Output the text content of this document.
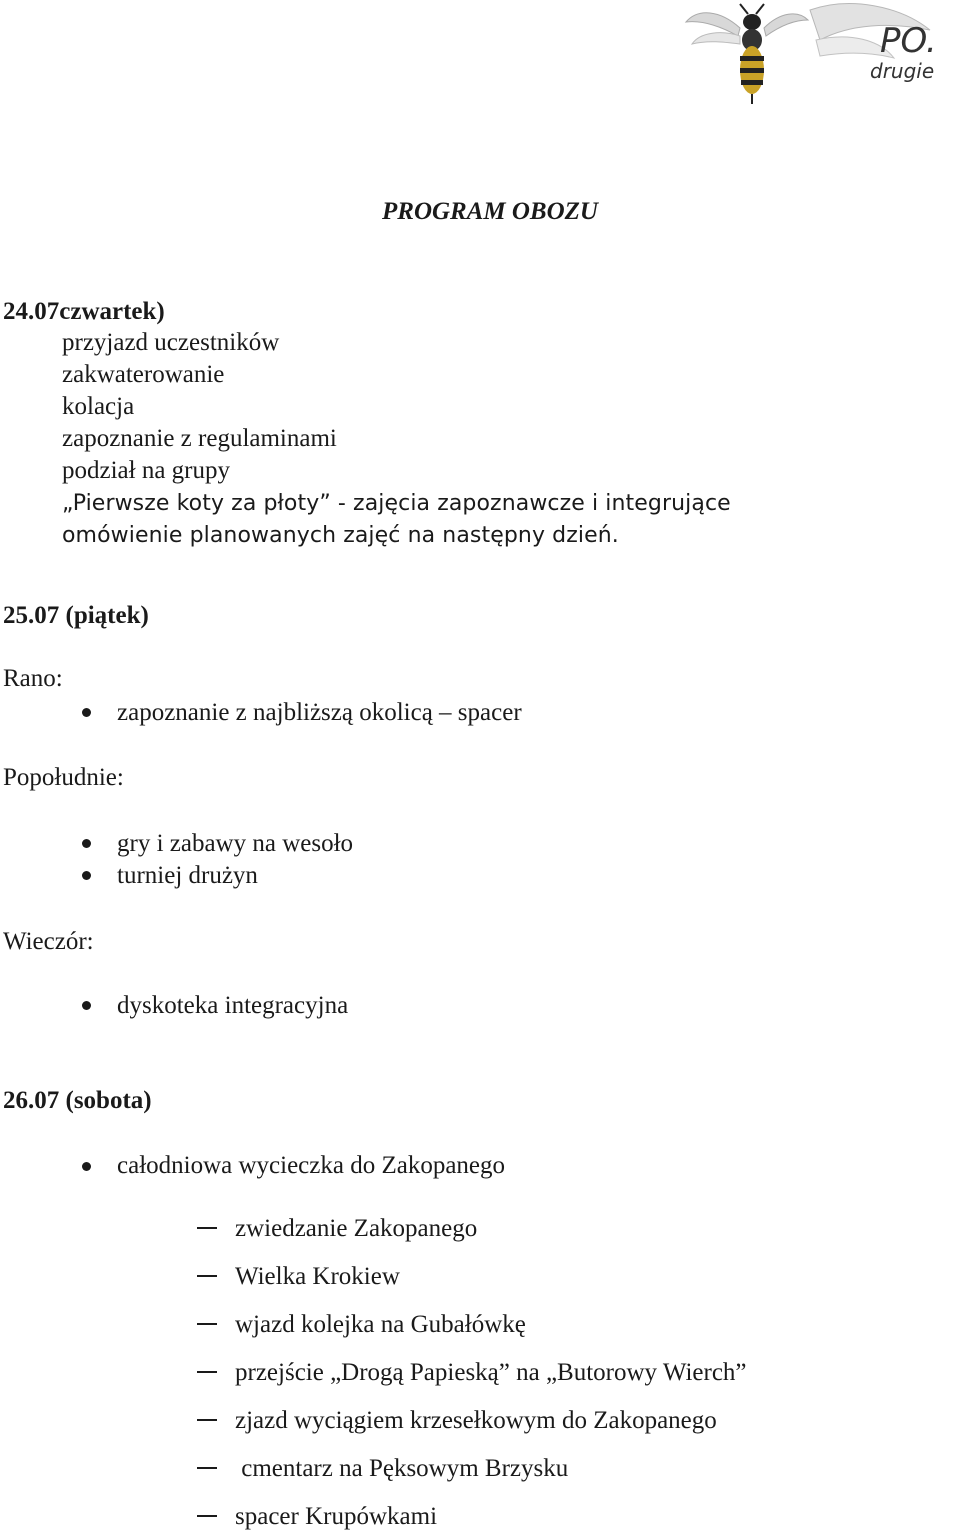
PO.
drugie
PROGRAM OBOZU
24.07czwartek)
przyjazd uczestników
zakwaterowanie
kolacja
zapoznanie z regulaminami
podział na grupy
„Pierwsze koty za płoty” - zajęcia zapoznawcze i integrujące
omówienie planowanych zajęć na następny dzień.
25.07 (piątek)
Rano:
zapoznanie z najbliższą okolicą – spacer
Popołudnie:
gry i zabawy na wesoło
turniej drużyn
Wieczór:
dyskoteka integracyjna
26.07 (sobota)
całodniowa wycieczka do Zakopanego
zwiedzanie Zakopanego
Wielka Krokiew
wjazd kolejka na Gubałówkę
przejście „Drogą Papieską” na „Butorowy Wierch”
zjazd wyciągiem krzesełkowym do Zakopanego
cmentarz na Pęksowym Brzysku
spacer Krupówkami
